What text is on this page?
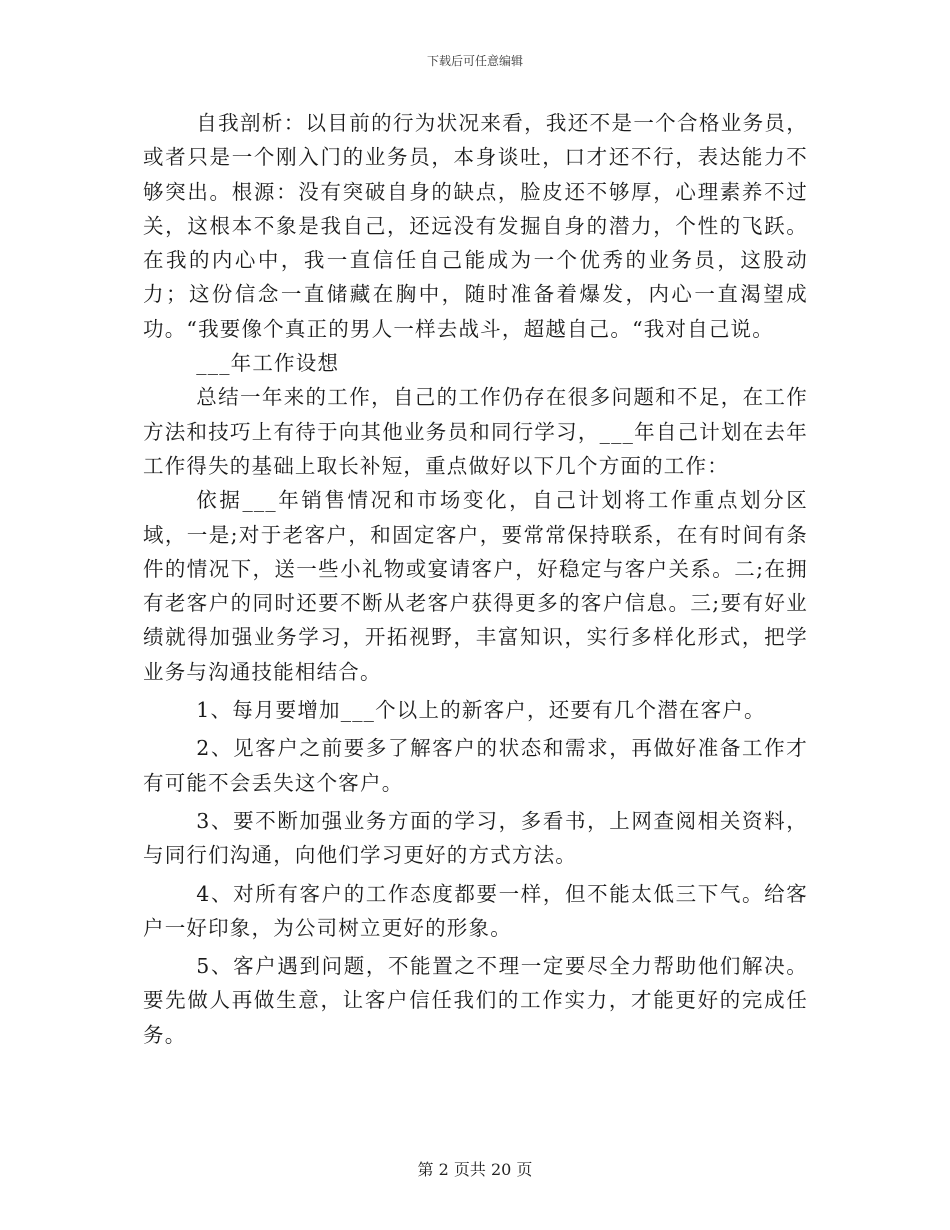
下载后可任意编辑

自我剖析：以目前的行为状况来看，我还不是一个合格业务员，或者只是一个刚入门的业务员，本身谈吐，口才还不行，表达能力不够突出。根源：没有突破自身的缺点，脸皮还不够厚，心理素养不过关，这根本不象是我自己，还远没有发掘自身的潜力，个性的飞跃。在我的内心中，我一直信任自己能成为一个优秀的业务员，这股动力；这份信念一直储藏在胸中，随时准备着爆发，内心一直渴望成功。“我要像个真正的男人一样去战斗，超越自己。“我对自己说。

___年工作设想

总结一年来的工作，自己的工作仍存在很多问题和不足，在工作方法和技巧上有待于向其他业务员和同行学习，___年自己计划在去年工作得失的基础上取长补短，重点做好以下几个方面的工作：

依据___年销售情况和市场变化，自己计划将工作重点划分区域，一是;对于老客户，和固定客户，要常常保持联系，在有时间有条件的情况下，送一些小礼物或宴请客户，好稳定与客户关系。二;在拥有老客户的同时还要不断从老客户获得更多的客户信息。三;要有好业绩就得加强业务学习，开拓视野，丰富知识，实行多样化形式，把学业务与沟通技能相结合。

1、每月要增加___个以上的新客户，还要有几个潜在客户。

2、见客户之前要多了解客户的状态和需求，再做好准备工作才有可能不会丢失这个客户。

3、要不断加强业务方面的学习，多看书，上网查阅相关资料，与同行们沟通，向他们学习更好的方式方法。

4、对所有客户的工作态度都要一样，但不能太低三下气。给客户一好印象，为公司树立更好的形象。

5、客户遇到问题，不能置之不理一定要尽全力帮助他们解决。要先做人再做生意，让客户信任我们的工作实力，才能更好的完成任务。

第 2 页共 20 页
